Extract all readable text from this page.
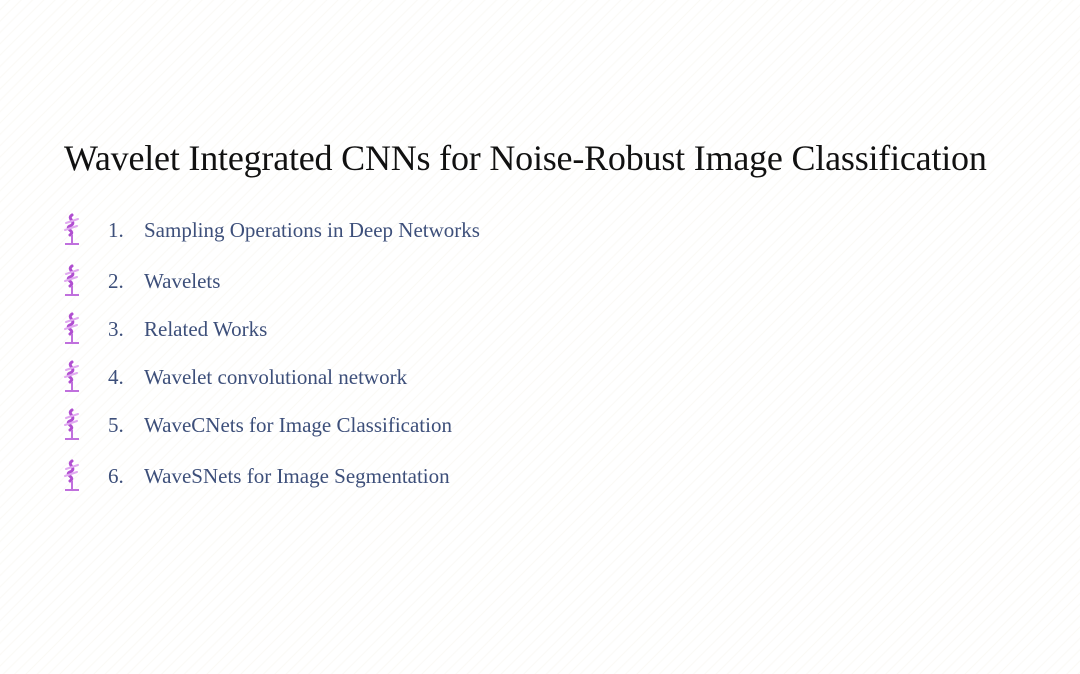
Wavelet Integrated CNNs for Noise-Robust Image Classification
1. Sampling Operations in Deep Networks
2. Wavelets
3. Related Works
4. Wavelet convolutional network
5. WaveCNets for Image Classification
6. WaveSNets for Image Segmentation
